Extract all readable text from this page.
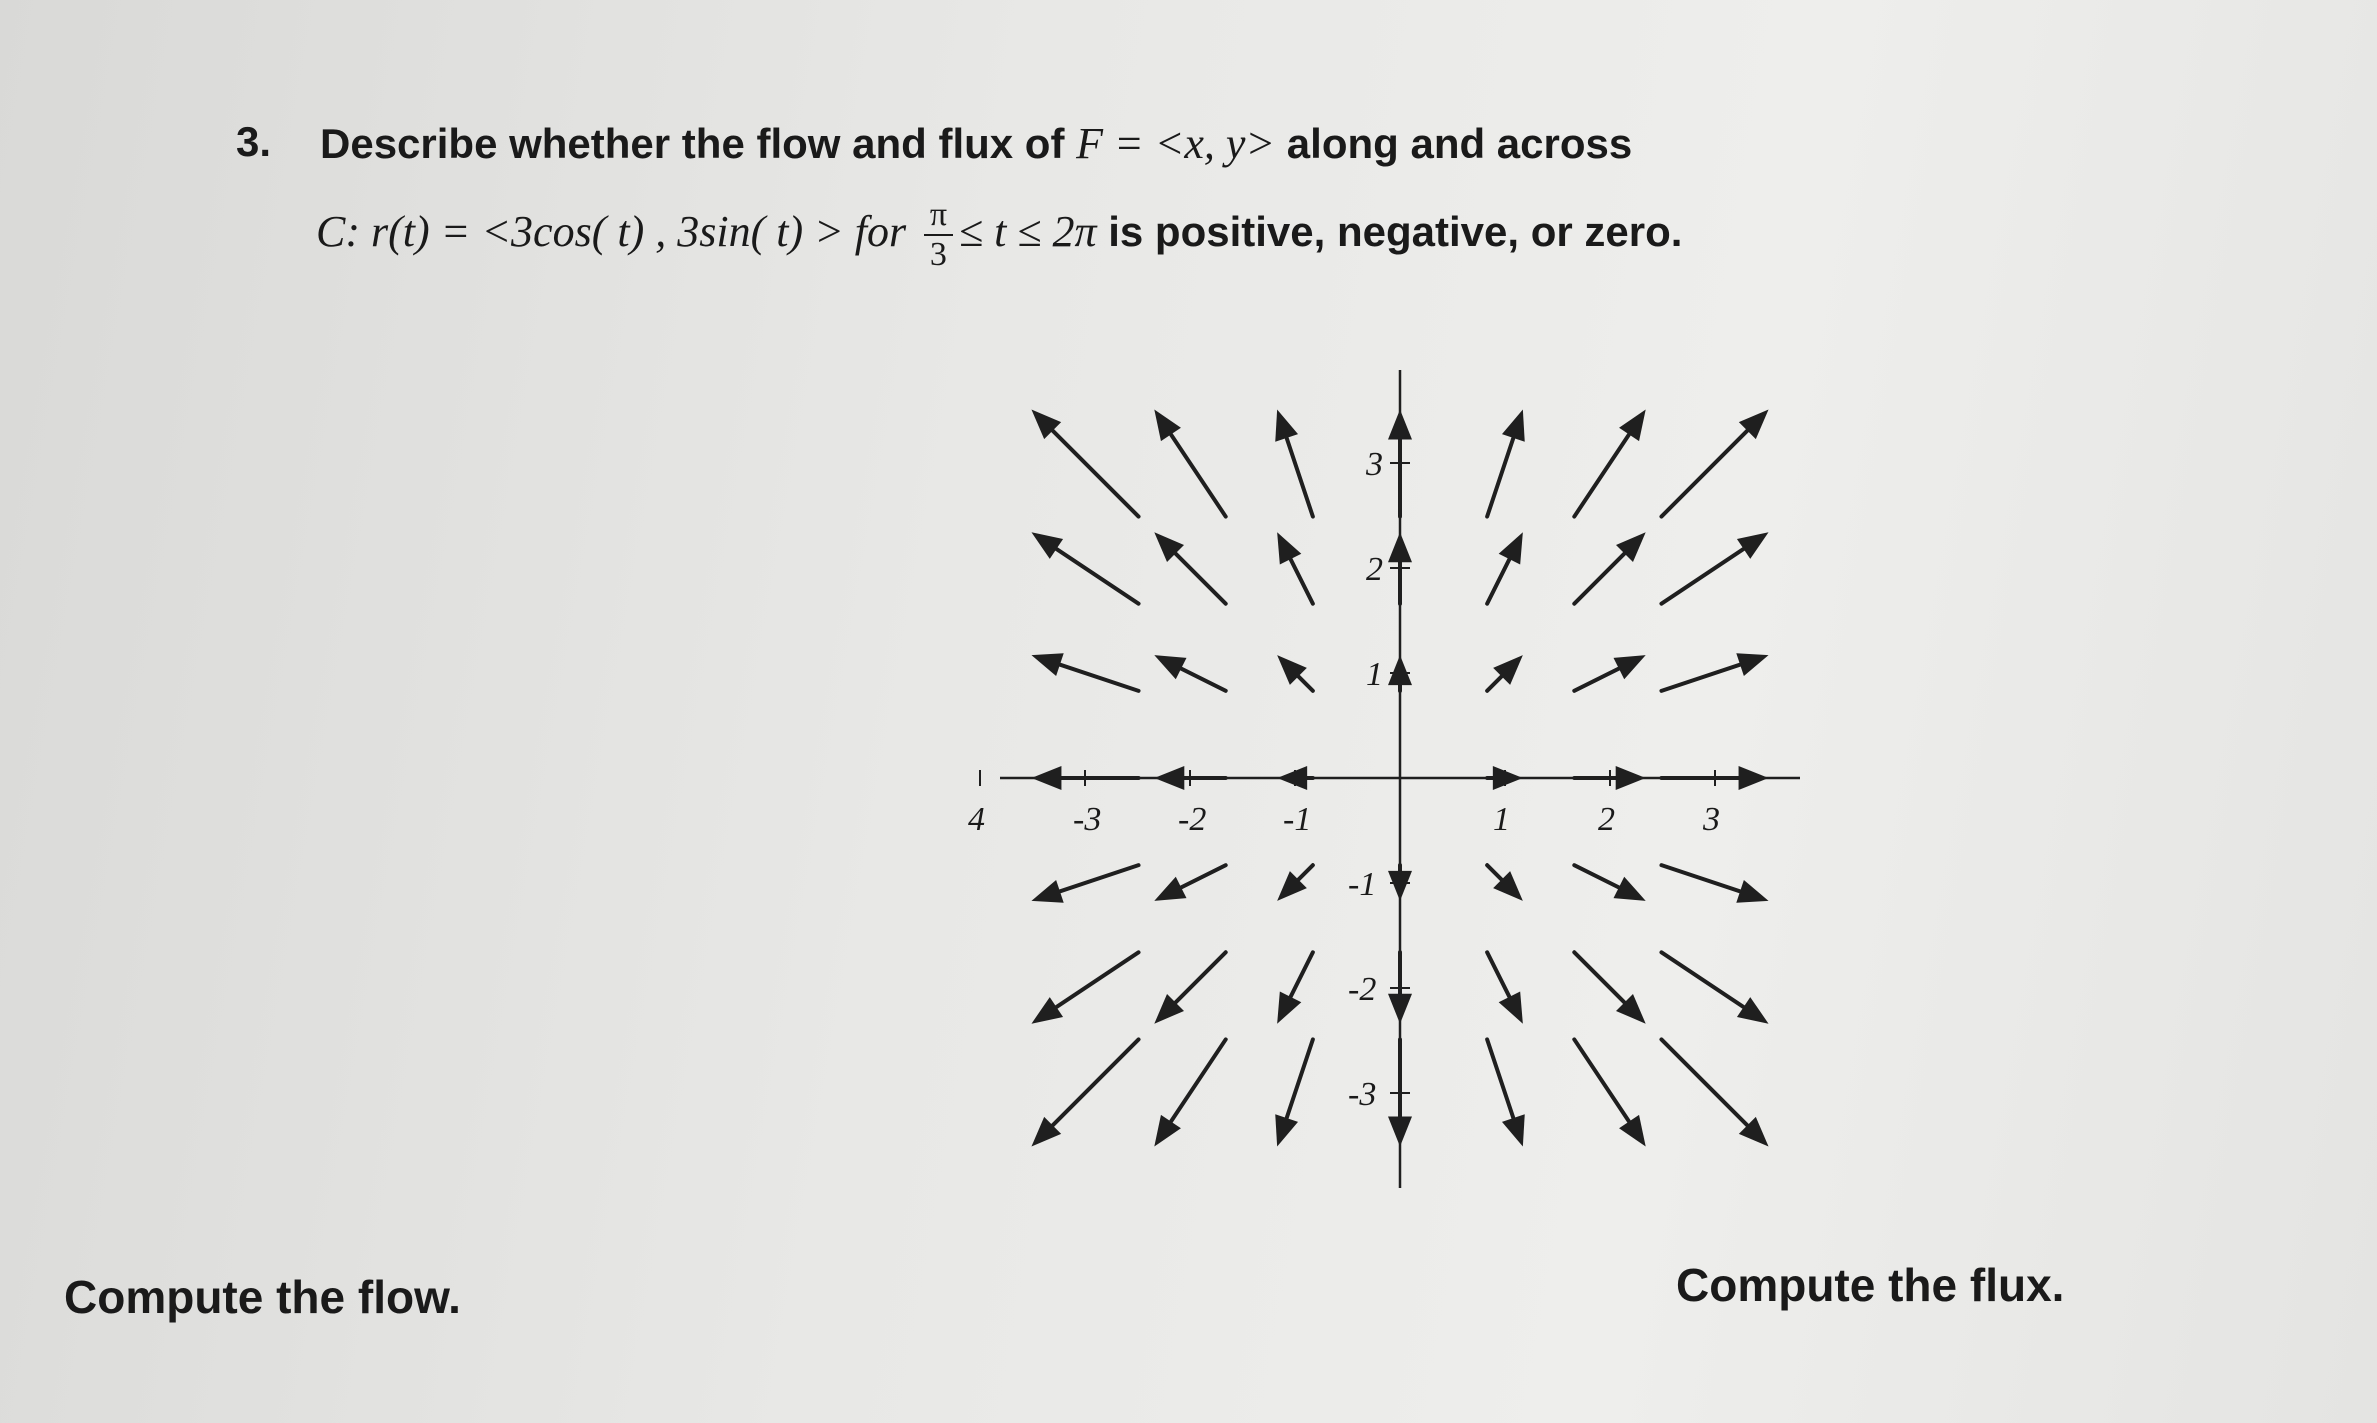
3. Describe whether the flow and flux of F = <x, y> along and across
C: r(t) = <3cos( t) , 3sin( t) > for $\frac{\pi}{3} \le t \le 2\pi$ is positive, negative, or zero.
4	-3 -2 -1	1	2	3
3
2
1
-1
-2
-3
Compute the flow.	Compute the flux.
